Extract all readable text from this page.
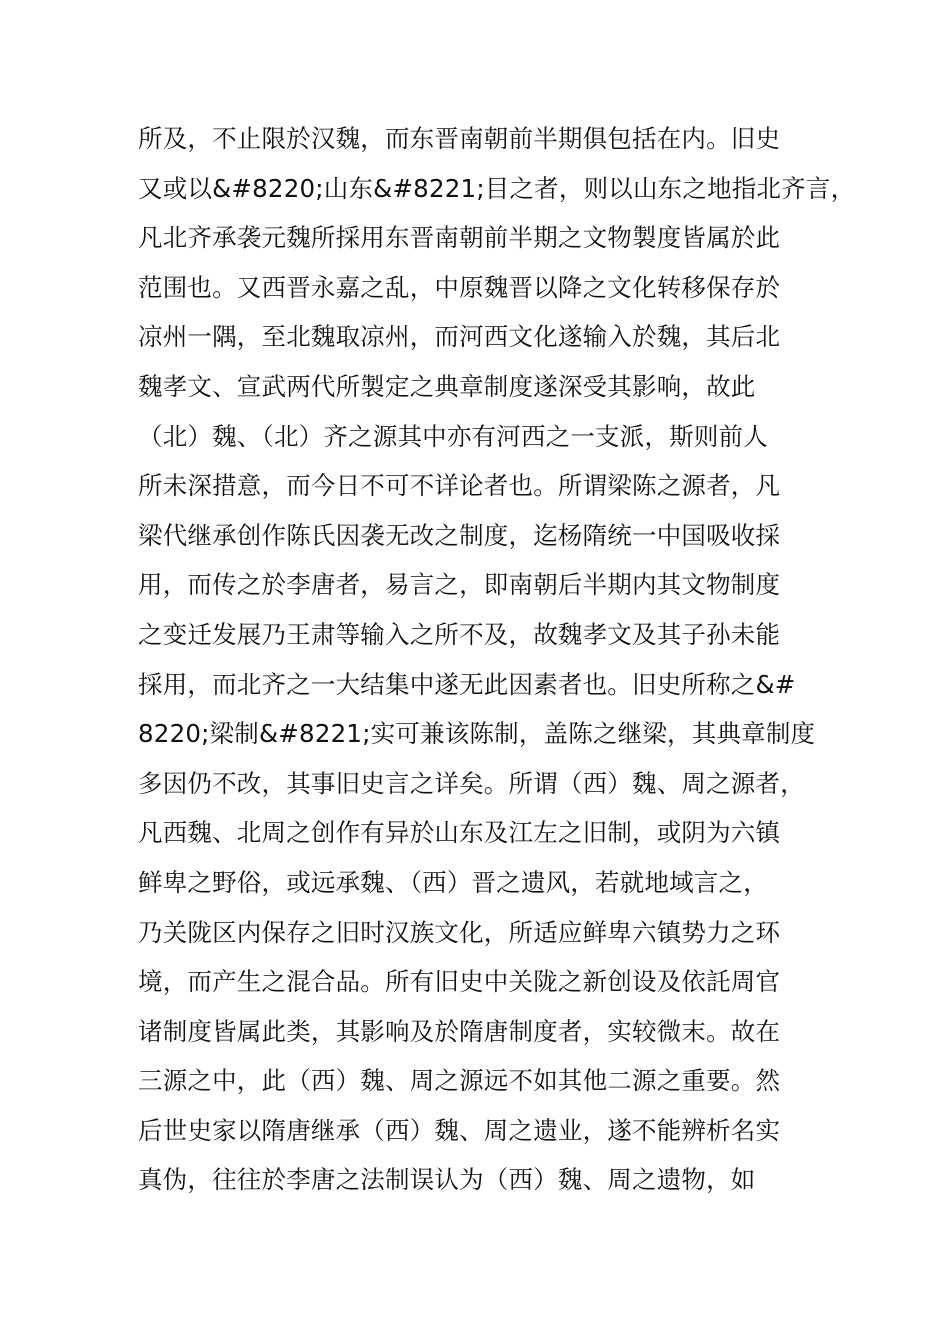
所及，不止限於汉魏，而东晋南朝前半期俱包括在内。旧史
又或以&#8220;山东&#8221;目之者，则以山东之地指北齐言，
凡北齐承袭元魏所採用东晋南朝前半期之文物製度皆属於此
范围也。又西晋永嘉之乱，中原魏晋以降之文化转移保存於
凉州一隅，至北魏取凉州，而河西文化遂输入於魏，其后北
魏孝文、宣武两代所製定之典章制度遂深受其影响，故此
（北）魏、（北）齐之源其中亦有河西之一支派，斯则前人
所未深措意，而今日不可不详论者也。所谓梁陈之源者，凡
梁代继承创作陈氏因袭无改之制度，迄杨隋统一中国吸收採
用，而传之於李唐者，易言之，即南朝后半期内其文物制度
之变迁发展乃王肃等输入之所不及，故魏孝文及其子孙未能
採用，而北齐之一大结集中遂无此因素者也。旧史所称之&#
8220;梁制&#8221;实可兼该陈制，盖陈之继梁，其典章制度
多因仍不改，其事旧史言之详矣。所谓（西）魏、周之源者，
凡西魏、北周之创作有异於山东及江左之旧制，或阴为六镇
鲜卑之野俗，或远承魏、（西）晋之遗风，若就地域言之，
乃关陇区内保存之旧时汉族文化，所适应鲜卑六镇势力之环
境，而产生之混合品。所有旧史中关陇之新创设及依託周官
诸制度皆属此类，其影响及於隋唐制度者，实较微末。故在
三源之中，此（西）魏、周之源远不如其他二源之重要。然
后世史家以隋唐继承（西）魏、周之遗业，遂不能辨析名实
真伪，往往於李唐之法制误认为（西）魏、周之遗物，如
